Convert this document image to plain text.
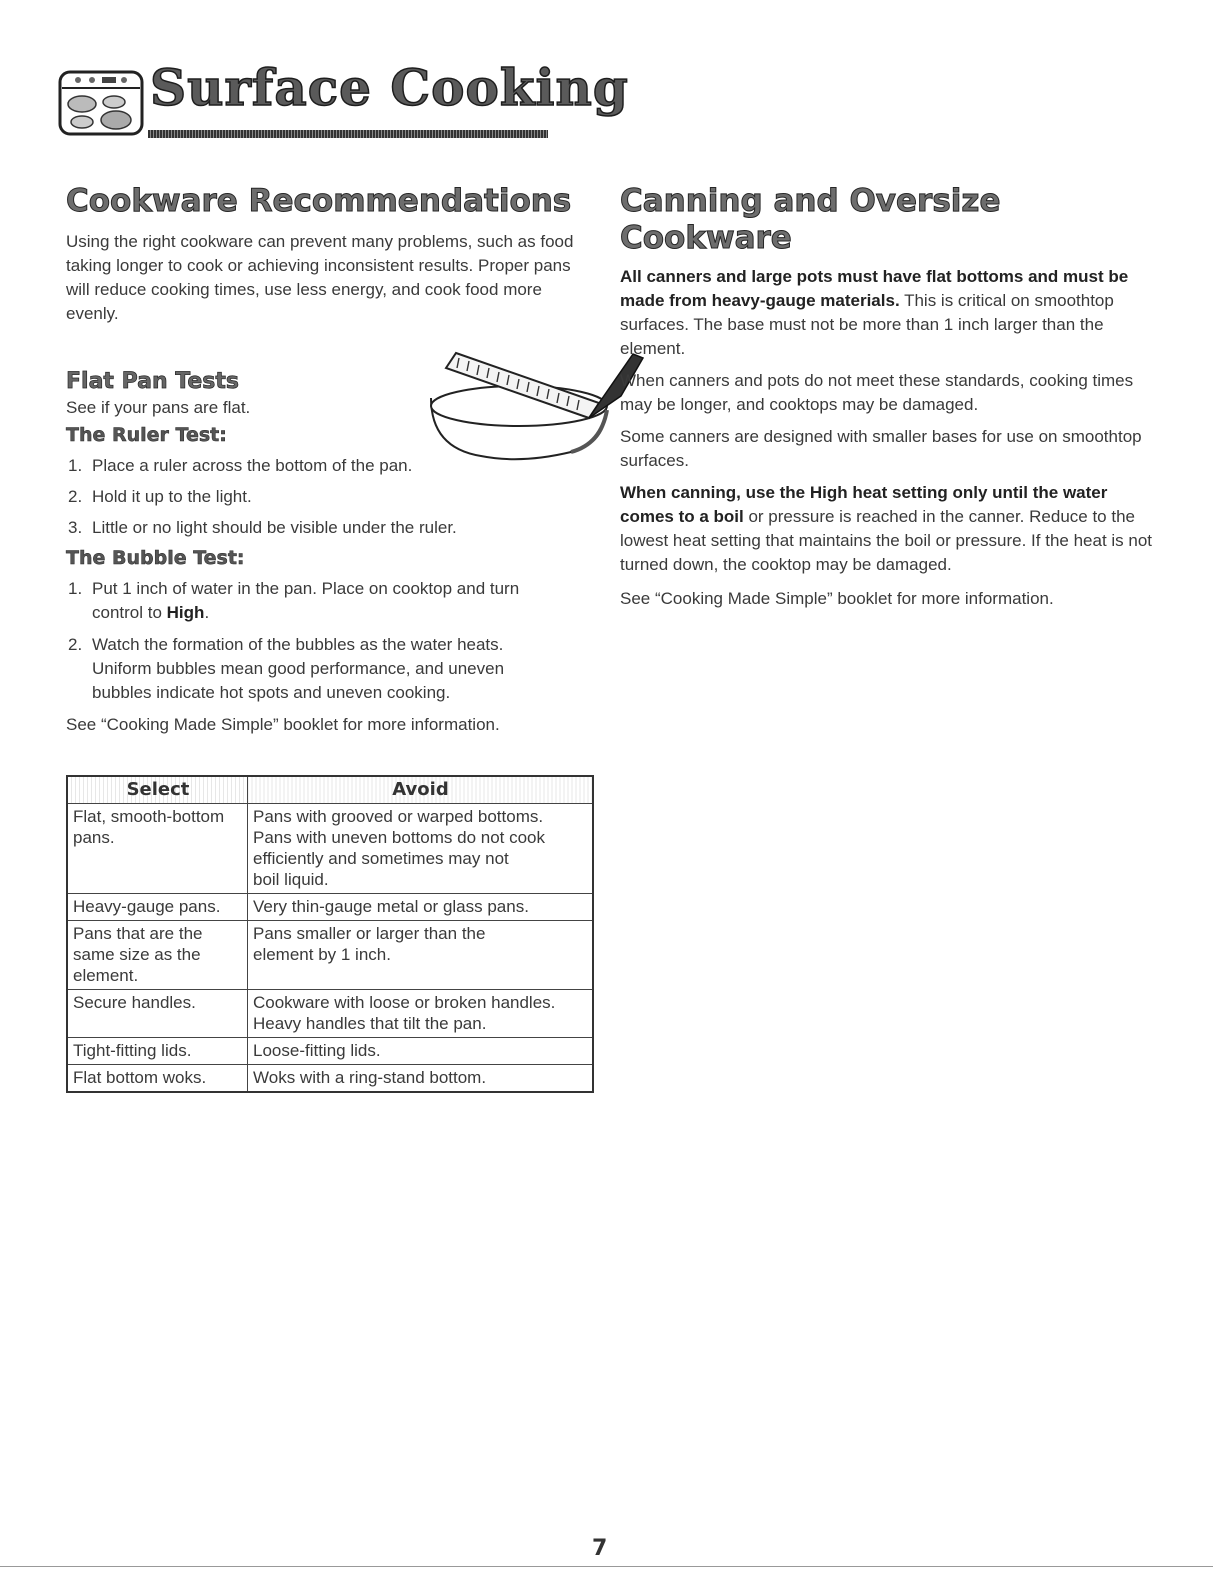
Surface Cooking
Cookware Recommendations

Using the right cookware can prevent many problems, such as food taking longer to cook or achieving inconsistent results. Proper pans will reduce cooking times, use less energy, and cook food more evenly.

Flat Pan Tests

See if your pans are flat.

The Ruler Test:
1. Place a ruler across the bottom of the pan.
2. Hold it up to the light.
3. Little or no light should be visible under the ruler.
The Bubble Test:
1. Put 1 inch of water in the pan. Place on cooktop and turn control to High.
2. Watch the formation of the bubbles as the water heats. Uniform bubbles mean good performance, and uneven bubbles indicate hot spots and uneven cooking.

See “Cooking Made Simple” booklet for more information.

Select	Avoid

Flat, smooth-bottom
pans.	Pans with grooved or warped bottoms.
Pans with uneven bottoms do not cook
efficiently and sometimes may not
boil liquid.

Heavy-gauge pans.	Very thin-gauge metal or glass pans.

Pans that are the
same size as the
element.	Pans smaller or larger than the
element by 1 inch.

Secure handles.	Cookware with loose or broken handles.
Heavy handles that tilt the pan.

Tight-fitting lids.	Loose-fitting lids.

Flat bottom woks.	Woks with a ring-stand bottom.
Canning and Oversize Cookware

All canners and large pots must have flat bottoms and must be made from heavy-gauge materials. This is critical on smoothtop surfaces. The base must not be more than 1 inch larger than the element.

When canners and pots do not meet these standards, cooking times may be longer, and cooktops may be damaged.

Some canners are designed with smaller bases for use on smoothtop surfaces.

When canning, use the High heat setting only until the water comes to a boil or pressure is reached in the canner. Reduce to the lowest heat setting that maintains the boil or pressure. If the heat is not turned down, the cooktop may be damaged.

See “Cooking Made Simple” booklet for more information.

7
